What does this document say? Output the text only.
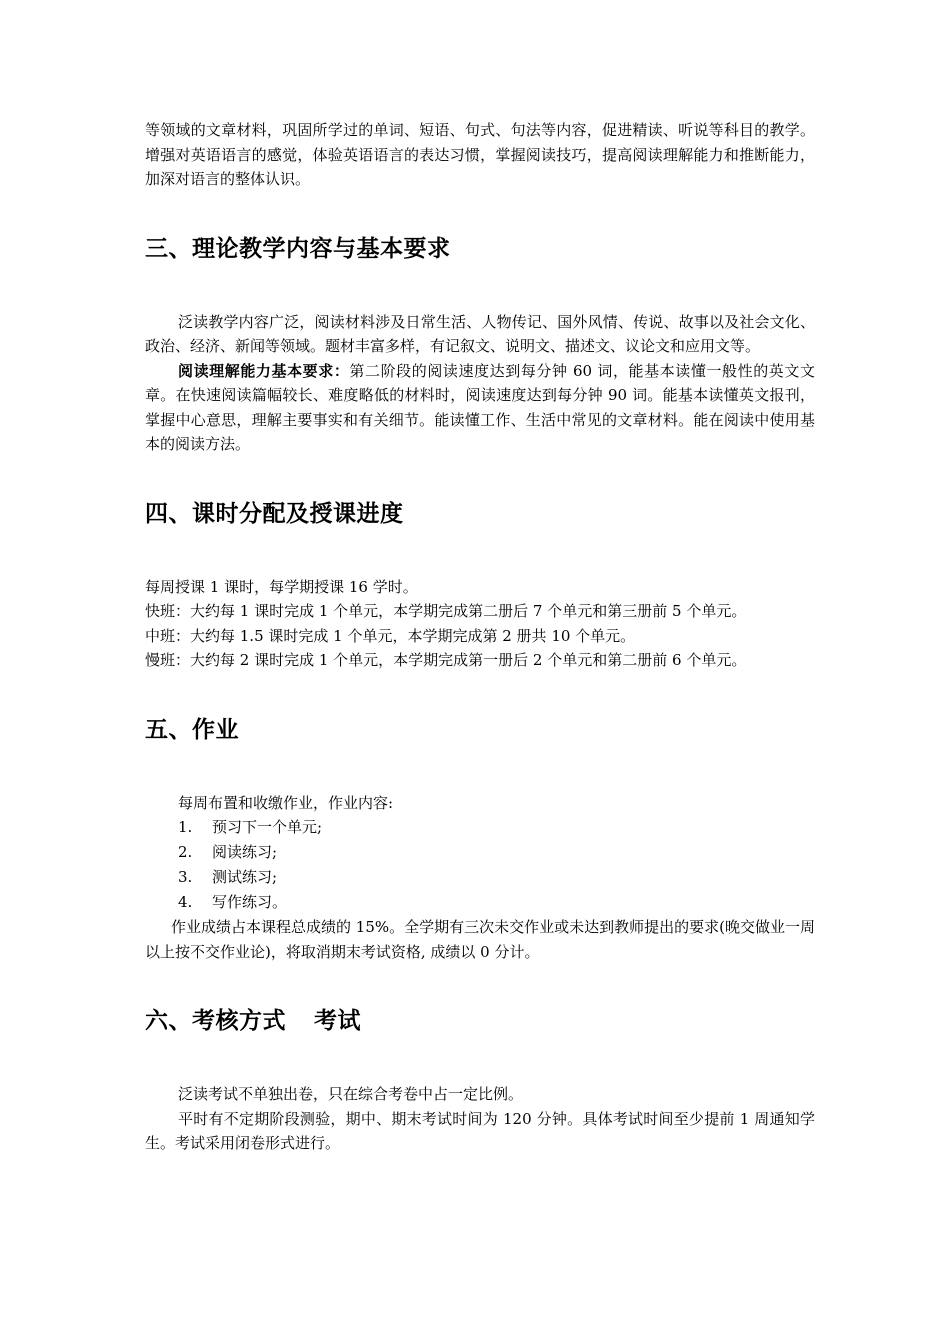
等领域的文章材料，巩固所学过的单词、短语、句式、句法等内容，促进精读、听说等科目的教学。增强对英语语言的感觉，体验英语语言的表达习惯，掌握阅读技巧，提高阅读理解能力和推断能力，加深对语言的整体认识。

三、理论教学内容与基本要求

泛读教学内容广泛，阅读材料涉及日常生活、人物传记、国外风情、传说、故事以及社会文化、政治、经济、新闻等领域。题材丰富多样，有记叙文、说明文、描述文、议论文和应用文等。

阅读理解能力基本要求：第二阶段的阅读速度达到每分钟 60 词，能基本读懂一般性的英文文章。在快速阅读篇幅较长、难度略低的材料时，阅读速度达到每分钟 90 词。能基本读懂英文报刊，掌握中心意思，理解主要事实和有关细节。能读懂工作、生活中常见的文章材料。能在阅读中使用基本的阅读方法。

四、课时分配及授课进度

每周授课 1 课时，每学期授课 16 学时。

快班：大约每 1 课时完成 1 个单元，本学期完成第二册后 7 个单元和第三册前 5 个单元。

中班：大约每 1.5 课时完成 1 个单元，本学期完成第 2 册共 10 个单元。

慢班：大约每 2 课时完成 1 个单元，本学期完成第一册后 2 个单元和第二册前 6 个单元。

五、作业

每周布置和收缴作业，作业内容:

1.	预习下一个单元;
2.	阅读练习;
3.	测试练习;
4.	写作练习。

作业成绩占本课程总成绩的 15%。全学期有三次未交作业或未达到教师提出的要求(晚交做业一周以上按不交作业论)，将取消期末考试资格, 成绩以 0 分计。

六、考核方式 考试

泛读考试不单独出卷，只在综合考卷中占一定比例。

平时有不定期阶段测验，期中、期末考试时间为 120 分钟。具体考试时间至少提前 1 周通知学生。考试采用闭卷形式进行。
